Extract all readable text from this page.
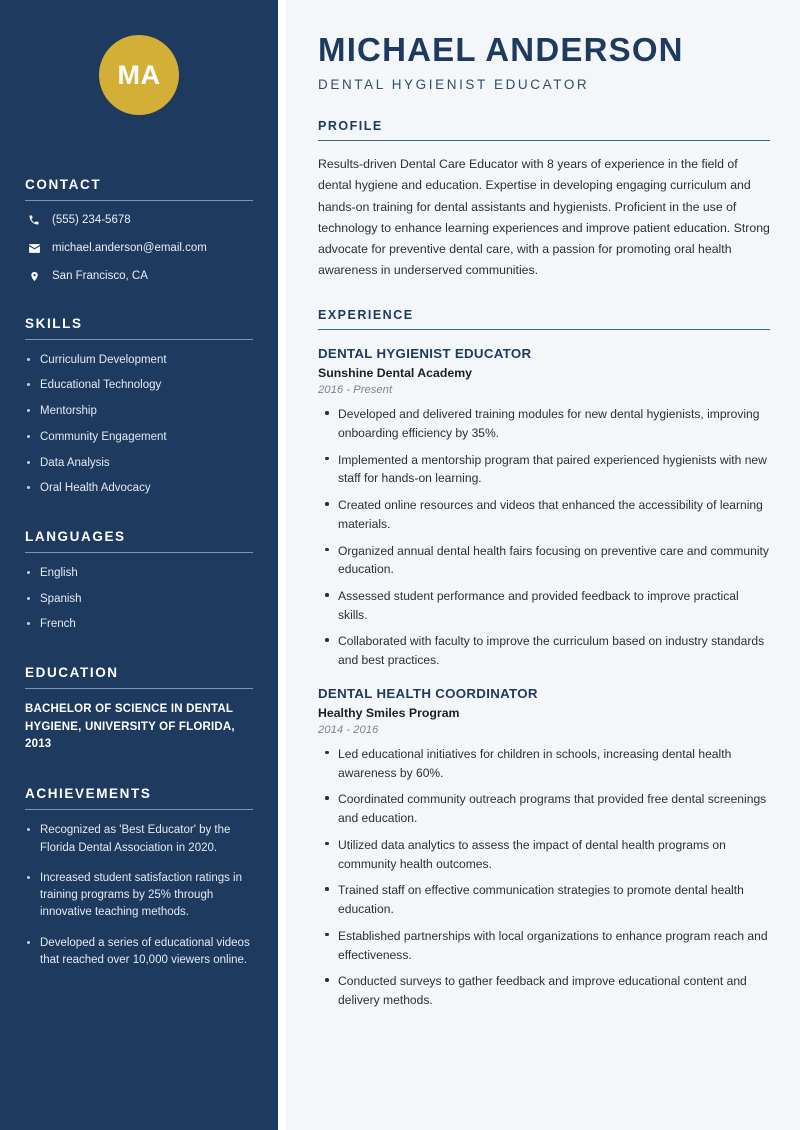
MA
CONTACT
(555) 234-5678
michael.anderson@email.com
San Francisco, CA
SKILLS
Curriculum Development
Educational Technology
Mentorship
Community Engagement
Data Analysis
Oral Health Advocacy
LANGUAGES
English
Spanish
French
EDUCATION
BACHELOR OF SCIENCE IN DENTAL HYGIENE, UNIVERSITY OF FLORIDA, 2013
ACHIEVEMENTS
Recognized as 'Best Educator' by the Florida Dental Association in 2020.
Increased student satisfaction ratings in training programs by 25% through innovative teaching methods.
Developed a series of educational videos that reached over 10,000 viewers online.
MICHAEL ANDERSON
DENTAL HYGIENIST EDUCATOR
PROFILE

Results-driven Dental Care Educator with 8 years of experience in the field of dental hygiene and education. Expertise in developing engaging curriculum and hands-on training for dental assistants and hygienists. Proficient in the use of technology to enhance learning experiences and improve patient education. Strong advocate for preventive dental care, with a passion for promoting oral health awareness in underserved communities.

EXPERIENCE
DENTAL HYGIENIST EDUCATOR
Sunshine Dental Academy
2016 - Present
Developed and delivered training modules for new dental hygienists, improving onboarding efficiency by 35%.
Implemented a mentorship program that paired experienced hygienists with new staff for hands-on learning.
Created online resources and videos that enhanced the accessibility of learning materials.
Organized annual dental health fairs focusing on preventive care and community education.
Assessed student performance and provided feedback to improve practical skills.
Collaborated with faculty to improve the curriculum based on industry standards and best practices.
DENTAL HEALTH COORDINATOR
Healthy Smiles Program
2014 - 2016
Led educational initiatives for children in schools, increasing dental health awareness by 60%.
Coordinated community outreach programs that provided free dental screenings and education.
Utilized data analytics to assess the impact of dental health programs on community health outcomes.
Trained staff on effective communication strategies to promote dental health education.
Established partnerships with local organizations to enhance program reach and effectiveness.
Conducted surveys to gather feedback and improve educational content and delivery methods.
